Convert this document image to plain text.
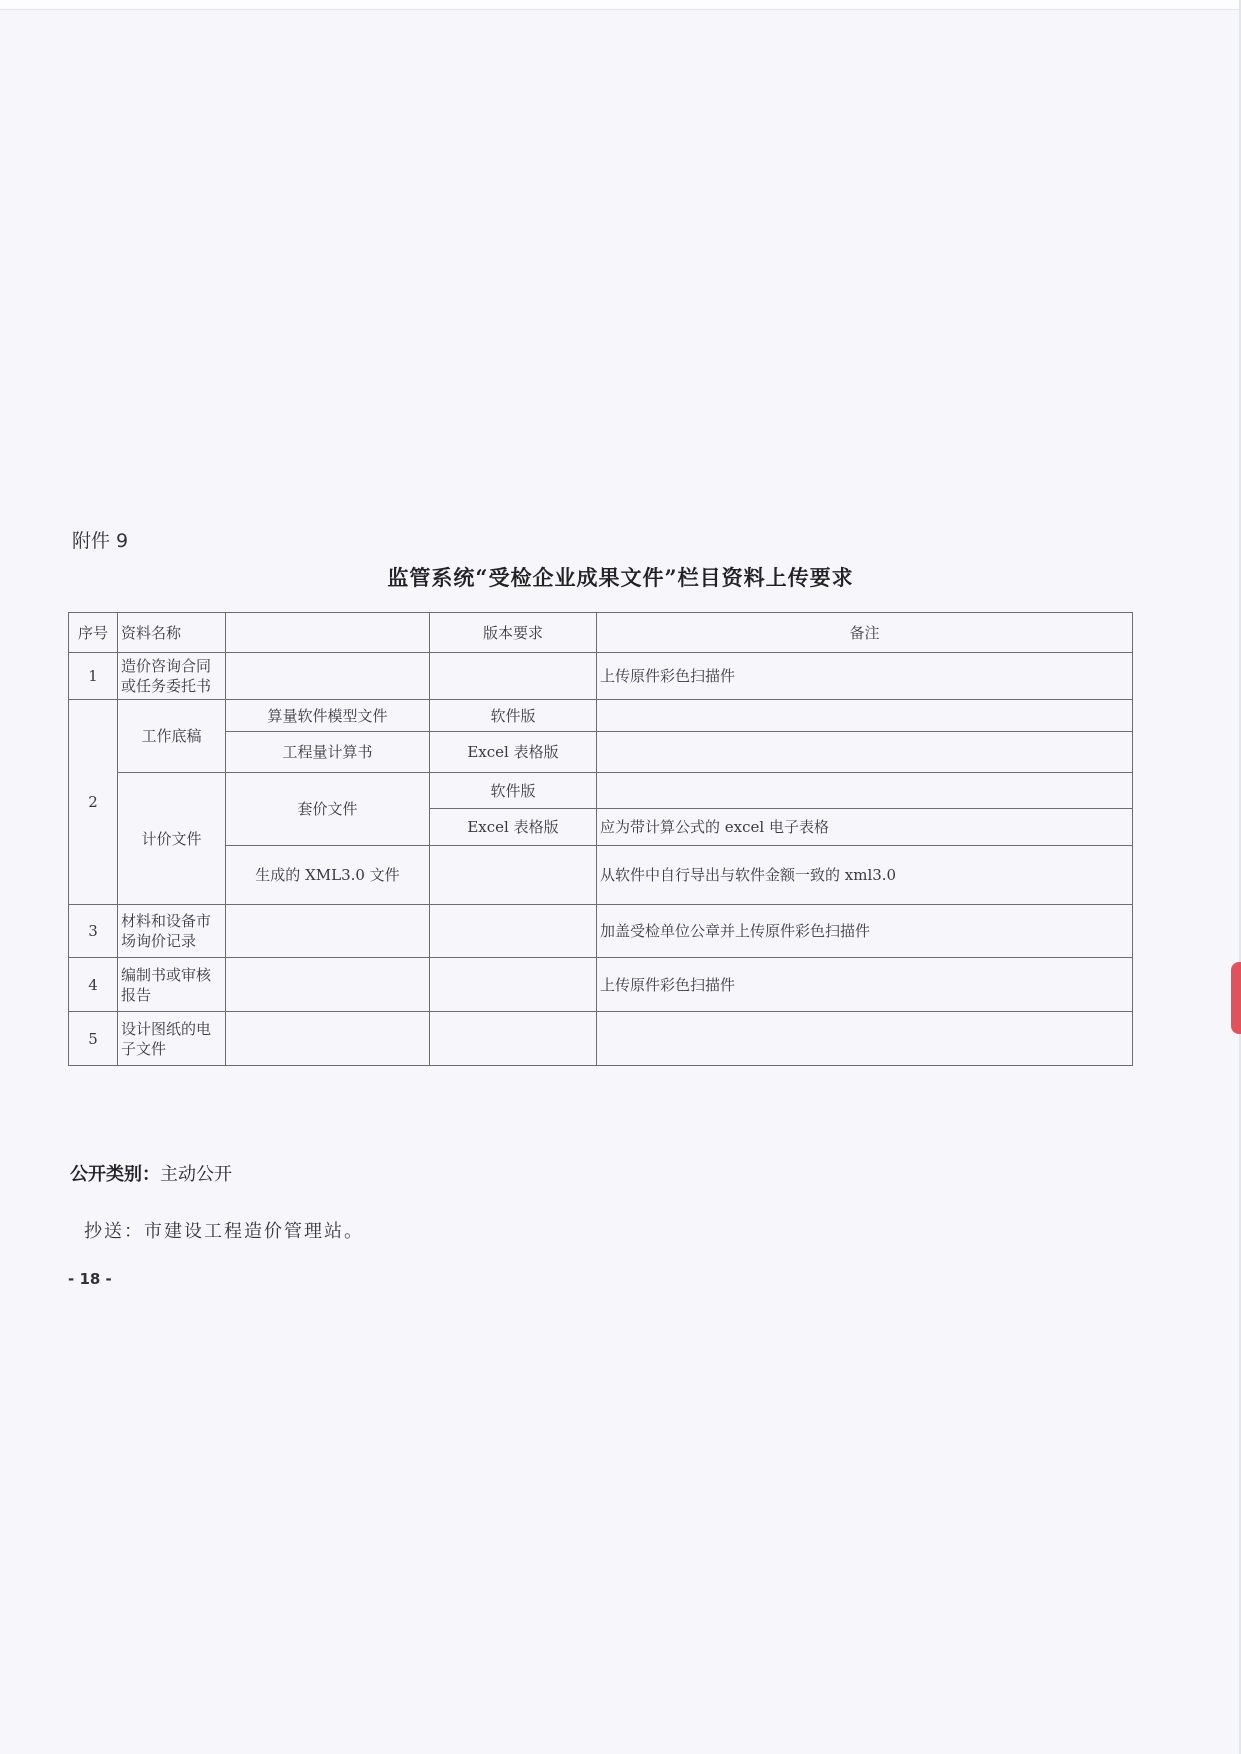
附件 9
监管系统“受检企业成果文件”栏目资料上传要求
序号	资料名称		版本要求	备注
1	造价咨询合同或任务委托书			上传原件彩色扫描件
2	工作底稿	算量软件模型文件	软件版	
		工程量计算书	Excel 表格版	
	计价文件	套价文件	软件版	
			Excel 表格版	应为带计算公式的 excel 电子表格
		生成的 XML3.0 文件		从软件中自行导出与软件金额一致的 xml3.0
3	材料和设备市场询价记录			加盖受检单位公章并上传原件彩色扫描件
4	编制书或审核报告			上传原件彩色扫描件
5	设计图纸的电子文件			
公开类别：主动公开
抄送：市建设工程造价管理站。
- 18 -
